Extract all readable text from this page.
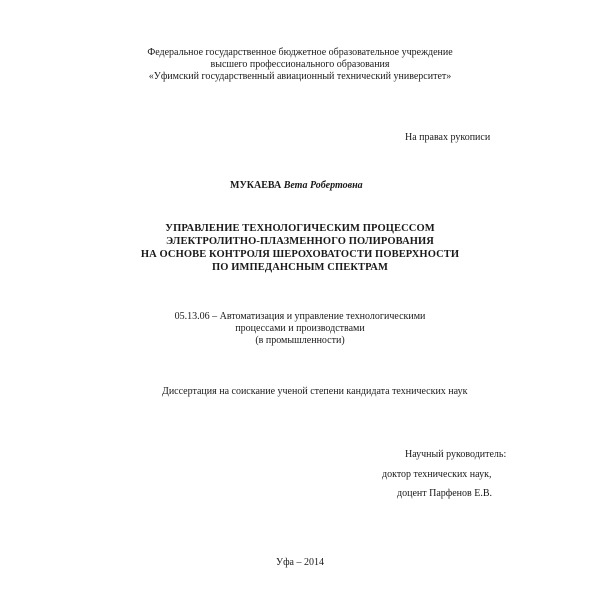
Федеральное государственное бюджетное образовательное учреждение
высшего профессионального образования
«Уфимский государственный авиационный технический университет»
На правах рукописи
МУКАЕВА Вета Робертовна
УПРАВЛЕНИЕ ТЕХНОЛОГИЧЕСКИМ ПРОЦЕССОМ
ЭЛЕКТРОЛИТНО-ПЛАЗМЕННОГО ПОЛИРОВАНИЯ
НА ОСНОВЕ КОНТРОЛЯ ШЕРОХОВАТОСТИ ПОВЕРХНОСТИ
ПО ИМПЕДАНСНЫМ СПЕКТРАМ
05.13.06 – Автоматизация и управление технологическими
процессами и производствами
(в промышленности)
Диссертация на соискание ученой степени кандидата технических наук
Научный руководитель:
доктор технических наук,
доцент Парфенов Е.В.
Уфа – 2014
